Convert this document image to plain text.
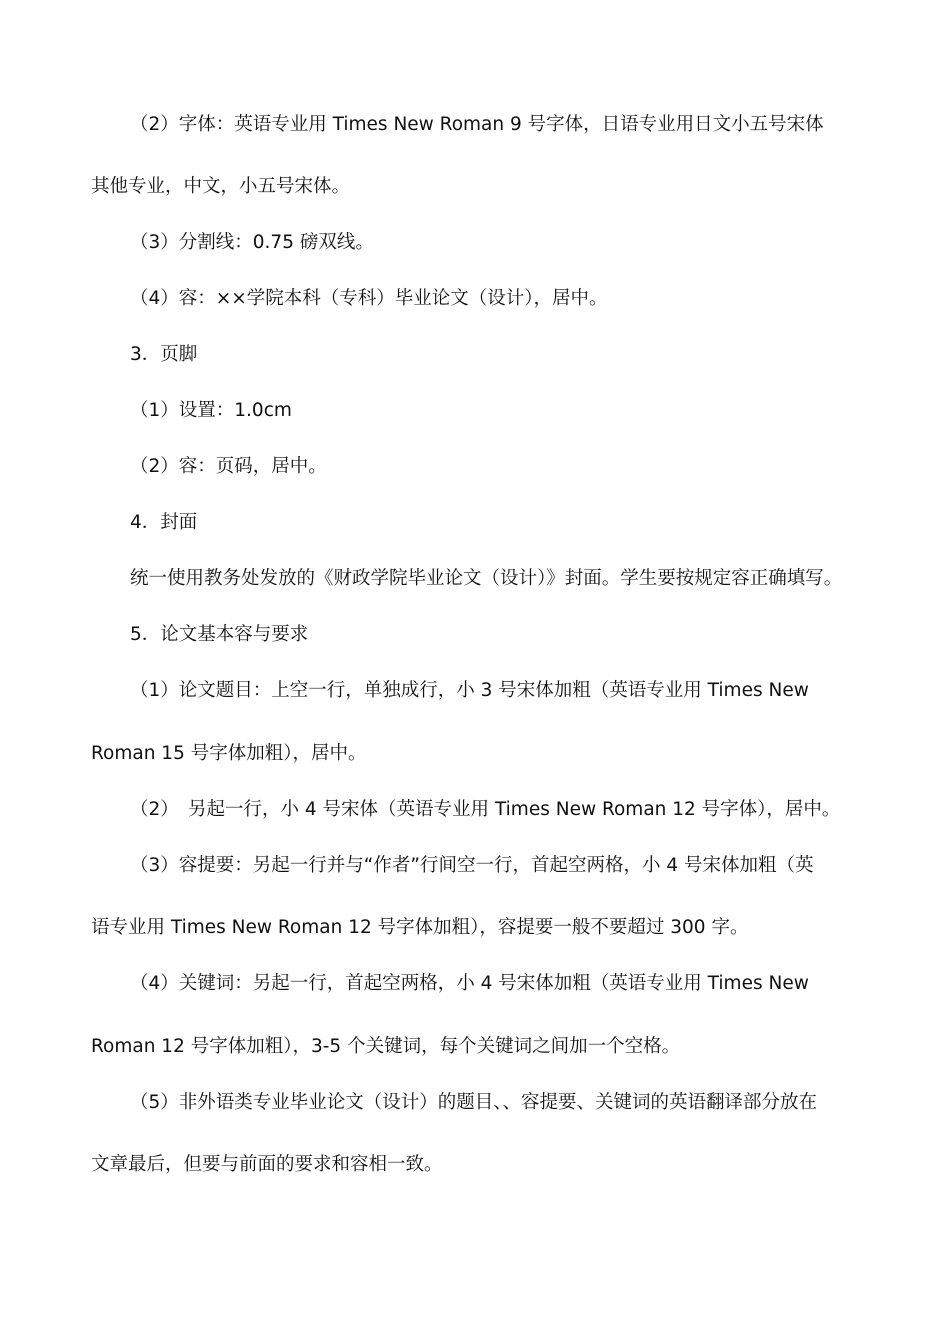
（2）字体：英语专业用 Times New Roman 9 号字体，日语专业用日文小五号宋体
其他专业，中文，小五号宋体。
（3）分割线：0.75 磅双线。
（4）容：××学院本科（专科）毕业论文（设计），居中。
3．页脚
（1）设置：1.0cm
（2）容：页码，居中。
4．封面
统一使用教务处发放的《财政学院毕业论文（设计）》封面。学生要按规定容正确填写。
5．论文基本容与要求
（1）论文题目：上空一行，单独成行，小 3 号宋体加粗（英语专业用 Times New
Roman 15 号字体加粗），居中。
（2）　另起一行，小 4 号宋体（英语专业用 Times New Roman 12 号字体），居中。
（3）容提要：另起一行并与“作者”行间空一行，首起空两格，小 4 号宋体加粗（英
语专业用 Times New Roman 12 号字体加粗），容提要一般不要超过 300 字。
（4）关键词：另起一行，首起空两格，小 4 号宋体加粗（英语专业用 Times New
Roman 12 号字体加粗），3-5 个关键词，每个关键词之间加一个空格。
（5）非外语类专业毕业论文（设计）的题目、、容提要、关键词的英语翻译部分放在
文章最后，但要与前面的要求和容相一致。
